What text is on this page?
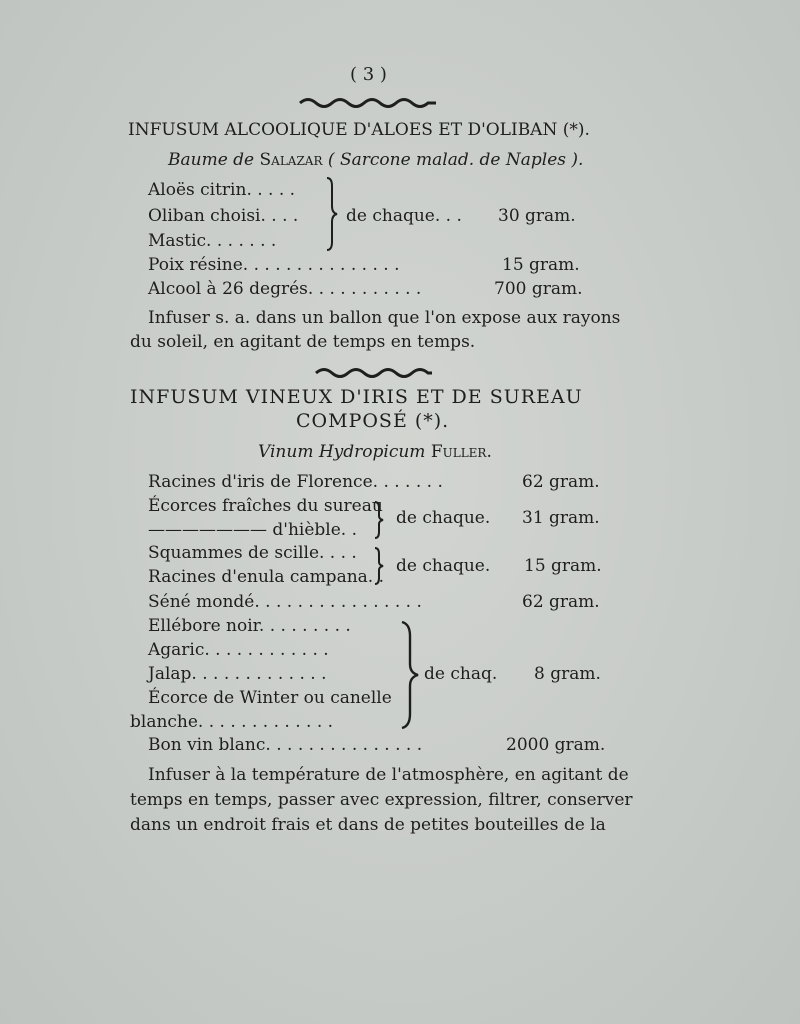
( 3 )
INFUSUM ALCOOLIQUE D'ALOES ET D'OLIBAN (*).
Baume de Salazar ( Sarcone malad. de Naples ).
Aloës citrin. . . . .
Oliban choisi. . . .
Mastic. . . . . . .
de chaque. . . 30 gram.
Poix résine. . . . . . . . . . . . . . .	15 gram.
Alcool à 26 degrés. . . . . . . . . . .	700 gram.
Infuser s. a. dans un ballon que l'on expose aux rayons
du soleil, en agitant de temps en temps.
INFUSUM VINEUX D'IRIS ET DE SUREAU
COMPOSÉ (*).
Vinum Hydropicum Fuller.
Racines d'iris de Florence. . . . . . .	62 gram.
Écorces fraîches du sureau
——————— d'hièble. .
de chaque. 31 gram.
Squammes de scille. . . .
Racines d'enula campana. .
de chaque. 15 gram.
Séné mondé. . . . . . . . . . . . . . . .	62 gram.
Ellébore noir. . . . . . . . .
Agaric. . . . . . . . . . . .
Jalap. . . . . . . . . . . . .
Écorce de Winter ou canelle
blanche. . . . . . . . . . . . .
de chaq. 8 gram.
Bon vin blanc. . . . . . . . . . . . . . .	2000 gram.
Infuser à la température de l'atmosphère, en agitant de
temps en temps, passer avec expression, filtrer, conserver
dans un endroit frais et dans de petites bouteilles de la
